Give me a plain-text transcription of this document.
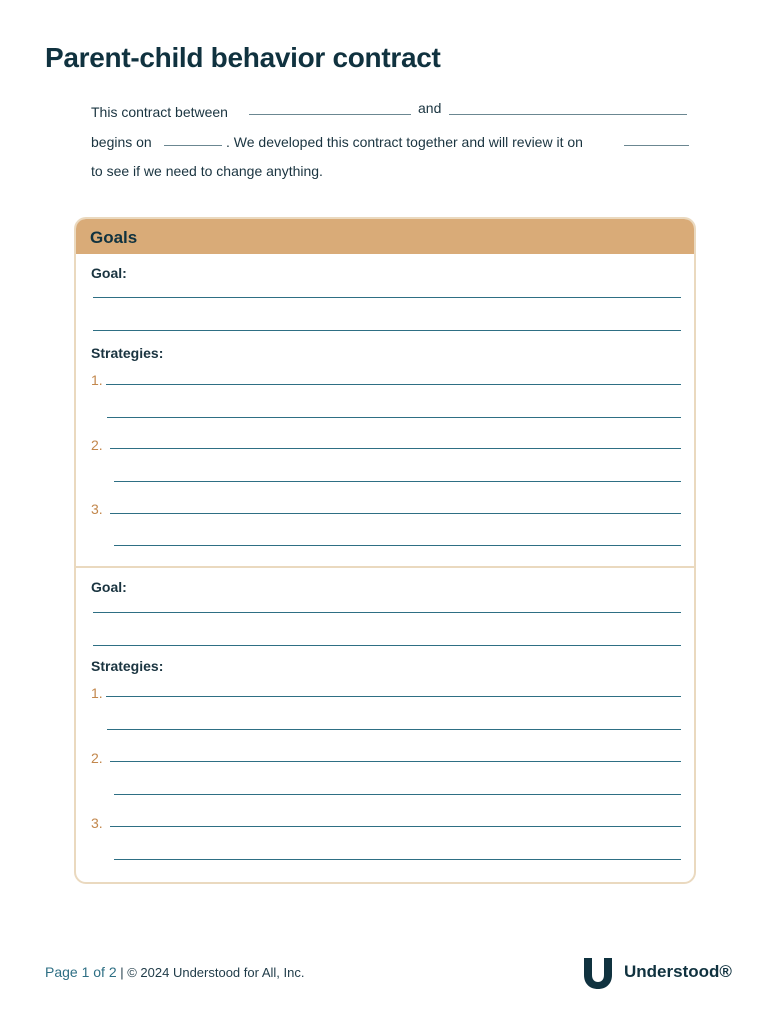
Parent-child behavior contract
This contract between	and
begins on	. We developed this contract together and will review it on
to see if we need to change anything.
Goals
Goal:
Strategies:
1.
2.
3.
Goal:
Strategies:
1.
2.
3.
Page 1 of 2 | © 2024 Understood for All, Inc.	Understood®
